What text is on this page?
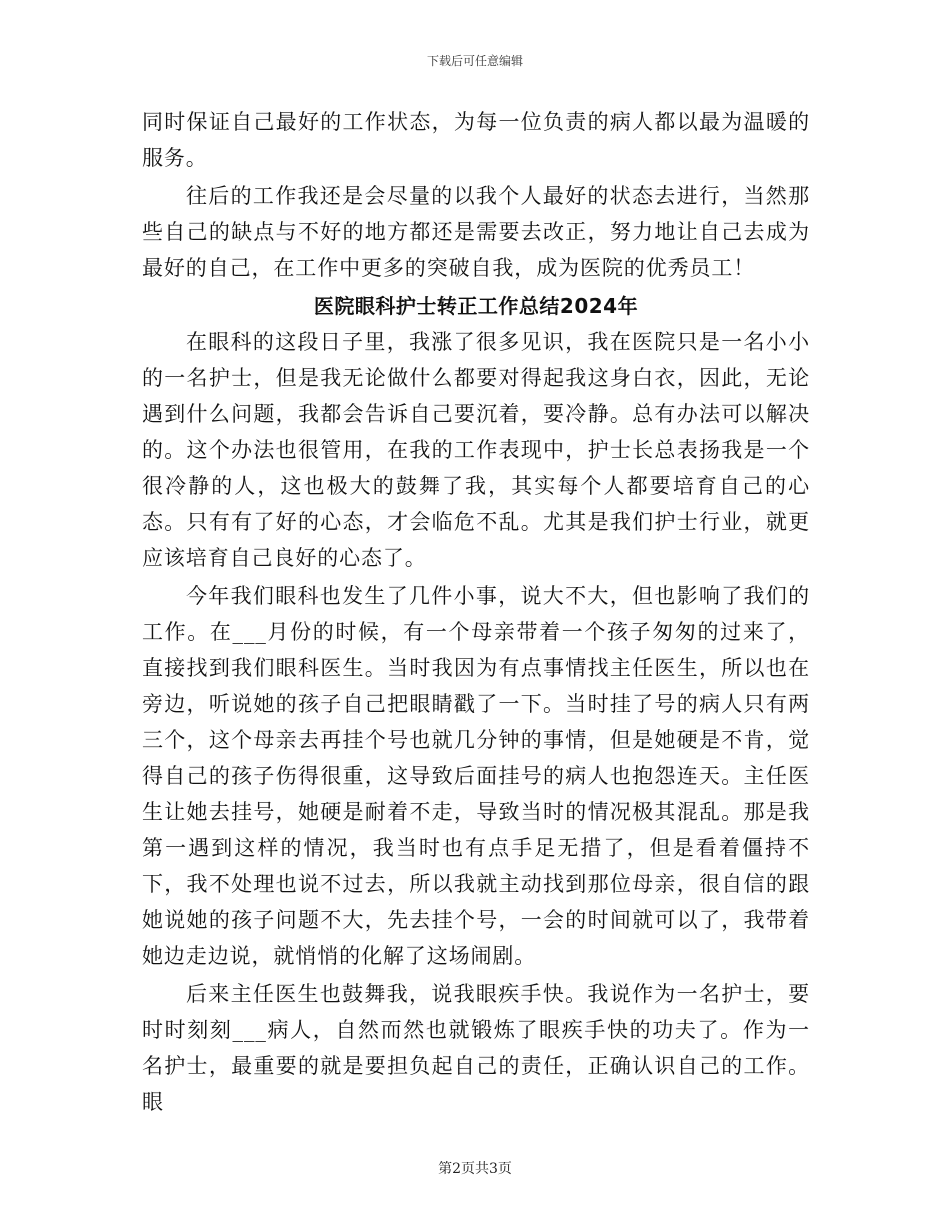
下载后可任意编辑

同时保证自己最好的工作状态，为每一位负责的病人都以最为温暖的服务。

往后的工作我还是会尽量的以我个人最好的状态去进行，当然那些自己的缺点与不好的地方都还是需要去改正，努力地让自己去成为最好的自己，在工作中更多的突破自我，成为医院的优秀员工！

医院眼科护士转正工作总结2024年

在眼科的这段日子里，我涨了很多见识，我在医院只是一名小小的一名护士，但是我无论做什么都要对得起我这身白衣，因此，无论遇到什么问题，我都会告诉自己要沉着，要冷静。总有办法可以解决的。这个办法也很管用，在我的工作表现中，护士长总表扬我是一个很冷静的人，这也极大的鼓舞了我，其实每个人都要培育自己的心态。只有有了好的心态，才会临危不乱。尤其是我们护士行业，就更应该培育自己良好的心态了。

今年我们眼科也发生了几件小事，说大不大，但也影响了我们的工作。在___月份的时候，有一个母亲带着一个孩子匆匆的过来了，直接找到我们眼科医生。当时我因为有点事情找主任医生，所以也在旁边，听说她的孩子自己把眼睛戳了一下。当时挂了号的病人只有两三个，这个母亲去再挂个号也就几分钟的事情，但是她硬是不肯，觉得自己的孩子伤得很重，这导致后面挂号的病人也抱怨连天。主任医生让她去挂号，她硬是耐着不走，导致当时的情况极其混乱。那是我第一遇到这样的情况，我当时也有点手足无措了，但是看着僵持不下，我不处理也说不过去，所以我就主动找到那位母亲，很自信的跟她说她的孩子问题不大，先去挂个号，一会的时间就可以了，我带着她边走边说，就悄悄的化解了这场闹剧。

后来主任医生也鼓舞我，说我眼疾手快。我说作为一名护士，要时时刻刻___病人，自然而然也就锻炼了眼疾手快的功夫了。作为一名护士，最重要的就是要担负起自己的责任，正确认识自己的工作。眼

第2页共3页
